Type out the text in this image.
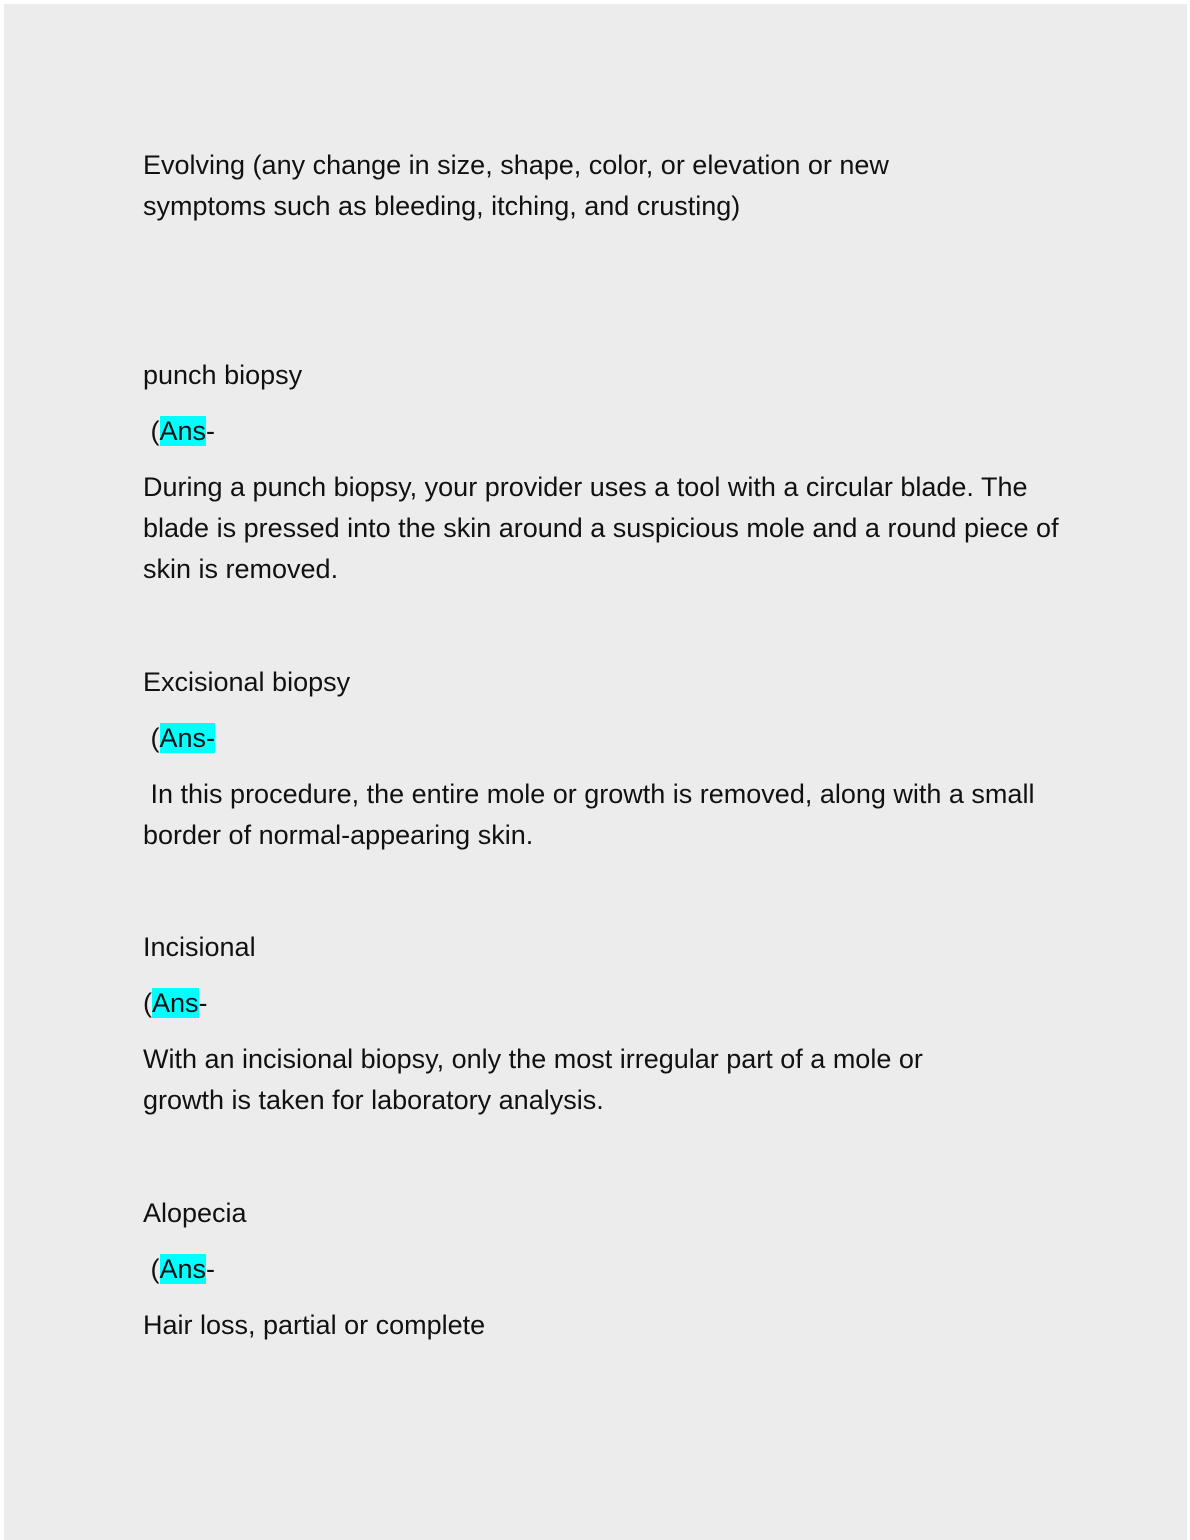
Evolving (any change in size, shape, color, or elevation or new symptoms such as bleeding, itching, and crusting)

punch biopsy

(Ans-

During a punch biopsy, your provider uses a tool with a circular blade. The blade is pressed into the skin around a suspicious mole and a round piece of skin is removed.

Excisional biopsy

(Ans-

In this procedure, the entire mole or growth is removed, along with a small border of normal-appearing skin.

Incisional

(Ans-

With an incisional biopsy, only the most irregular part of a mole or growth is taken for laboratory analysis.

Alopecia

(Ans-

Hair loss, partial or complete
